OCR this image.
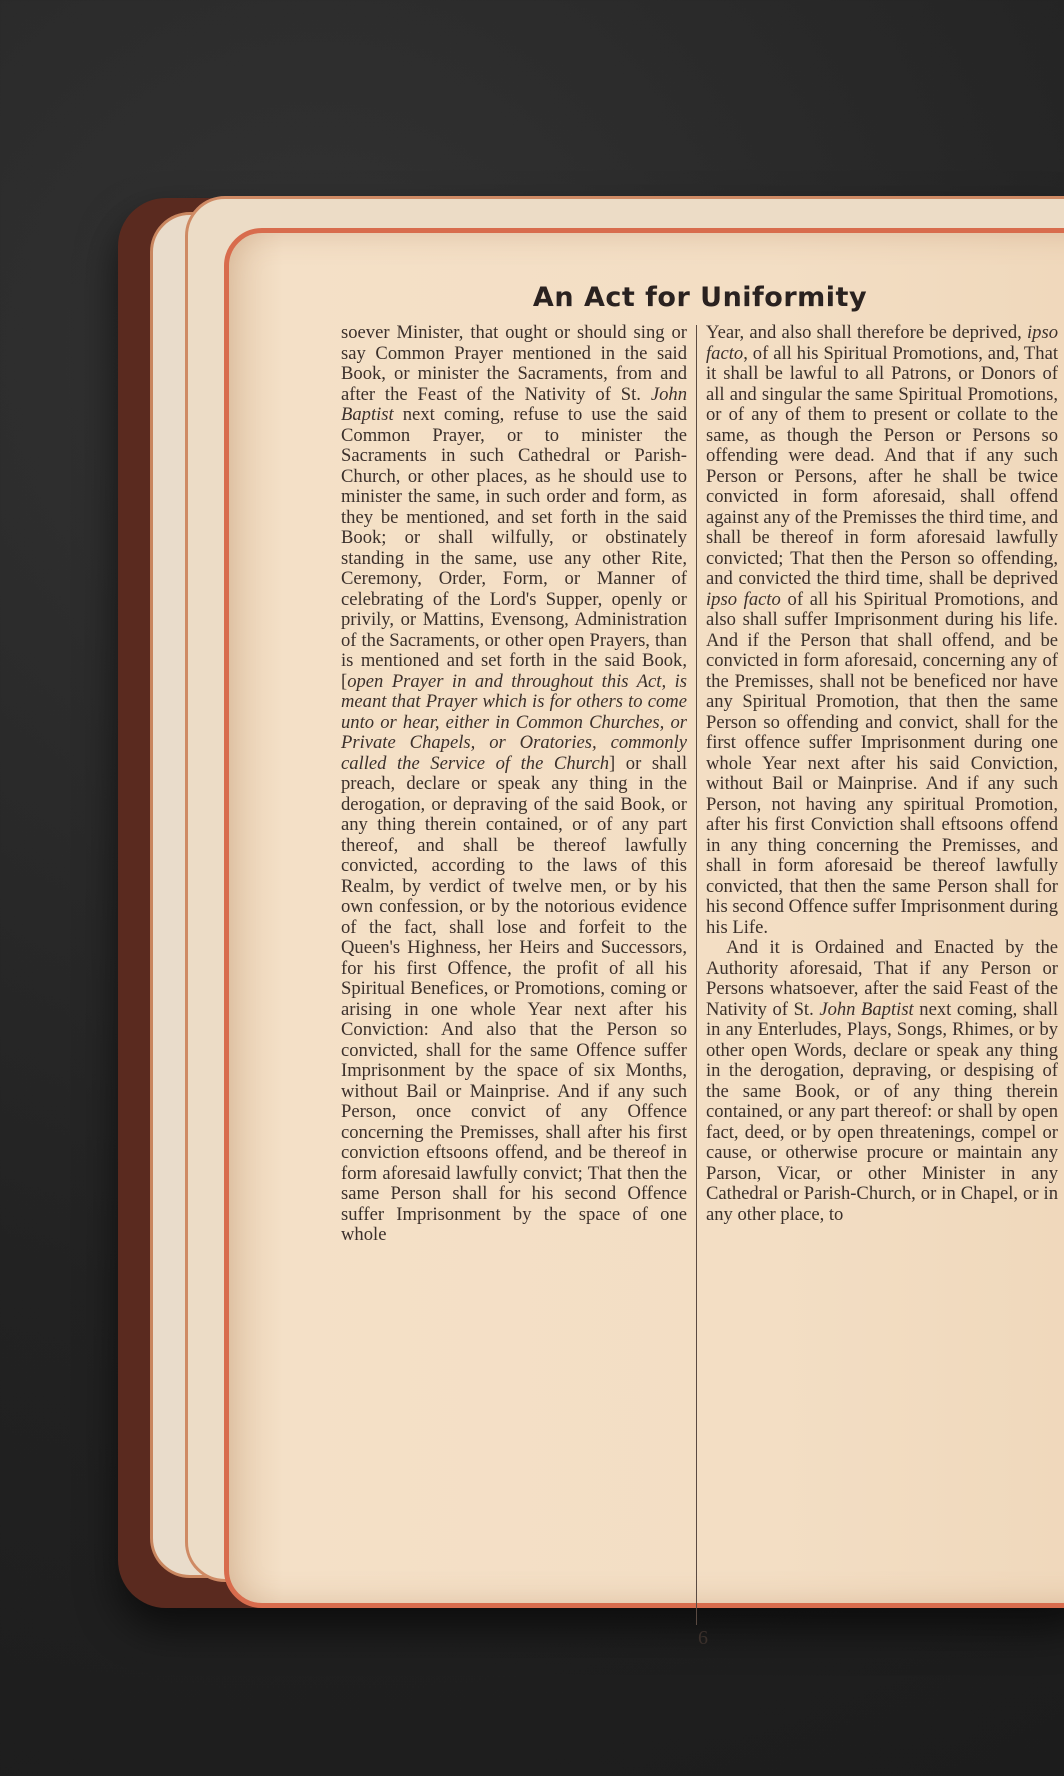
An Act for Uniformity

soever Minister, that ought or should sing or say Common Prayer mentioned in the said Book, or minister the Sacraments, from and after the Feast of the Nativity of St. John Baptist next coming, refuse to use the said Common Prayer, or to minister the Sacraments in such Cathedral or Parish-Church, or other places, as he should use to minister the same, in such order and form, as they be mentioned, and set forth in the said Book; or shall wilfully, or obstinately standing in the same, use any other Rite, Ceremony, Order, Form, or Manner of celebrating of the Lord's Supper, openly or privily, or Mattins, Evensong, Administration of the Sacraments, or other open Prayers, than is mentioned and set forth in the said Book, [open Prayer in and throughout this Act, is meant that Prayer which is for others to come unto or hear, either in Common Churches, or Private Chapels, or Oratories, commonly called the Service of the Church] or shall preach, declare or speak any thing in the derogation, or depraving of the said Book, or any thing therein contained, or of any part thereof, and shall be thereof lawfully convicted, according to the laws of this Realm, by verdict of twelve men, or by his own confession, or by the notorious evidence of the fact, shall lose and forfeit to the Queen's Highness, her Heirs and Successors, for his first Offence, the profit of all his Spiritual Benefices, or Promotions, coming or arising in one whole Year next after his Conviction: And also that the Person so convicted, shall for the same Offence suffer Imprisonment by the space of six Months, without Bail or Mainprise. And if any such Person, once convict of any Offence concerning the Premisses, shall after his first conviction eftsoons offend, and be thereof in form aforesaid lawfully convict; That then the same Person shall for his second Offence suffer Imprisonment by the space of one whole

Year, and also shall therefore be deprived, ipso facto, of all his Spiritual Promotions, and, That it shall be lawful to all Patrons, or Donors of all and singular the same Spiritual Promotions, or of any of them to present or collate to the same, as though the Person or Persons so offending were dead. And that if any such Person or Persons, after he shall be twice convicted in form aforesaid, shall offend against any of the Premisses the third time, and shall be thereof in form aforesaid lawfully convicted; That then the Person so offending, and convicted the third time, shall be deprived ipso facto of all his Spiritual Promotions, and also shall suffer Imprisonment during his life. And if the Person that shall offend, and be convicted in form aforesaid, concerning any of the Premisses, shall not be beneficed nor have any Spiritual Promotion, that then the same Person so offending and convict, shall for the first offence suffer Imprisonment during one whole Year next after his said Conviction, without Bail or Mainprise. And if any such Person, not having any spiritual Promotion, after his first Conviction shall eftsoons offend in any thing concerning the Premisses, and shall in form aforesaid be thereof lawfully convicted, that then the same Person shall for his second Offence suffer Imprisonment during his Life.

And it is Ordained and Enacted by the Authority aforesaid, That if any Person or Persons whatsoever, after the said Feast of the Nativity of St. John Baptist next coming, shall in any Enterludes, Plays, Songs, Rhimes, or by other open Words, declare or speak any thing in the derogation, depraving, or despising of the same Book, or of any thing therein contained, or any part thereof: or shall by open fact, deed, or by open threatenings, compel or cause, or otherwise procure or maintain any Parson, Vicar, or other Minister in any Cathedral or Parish-Church, or in Chapel, or in any other place, to

6
